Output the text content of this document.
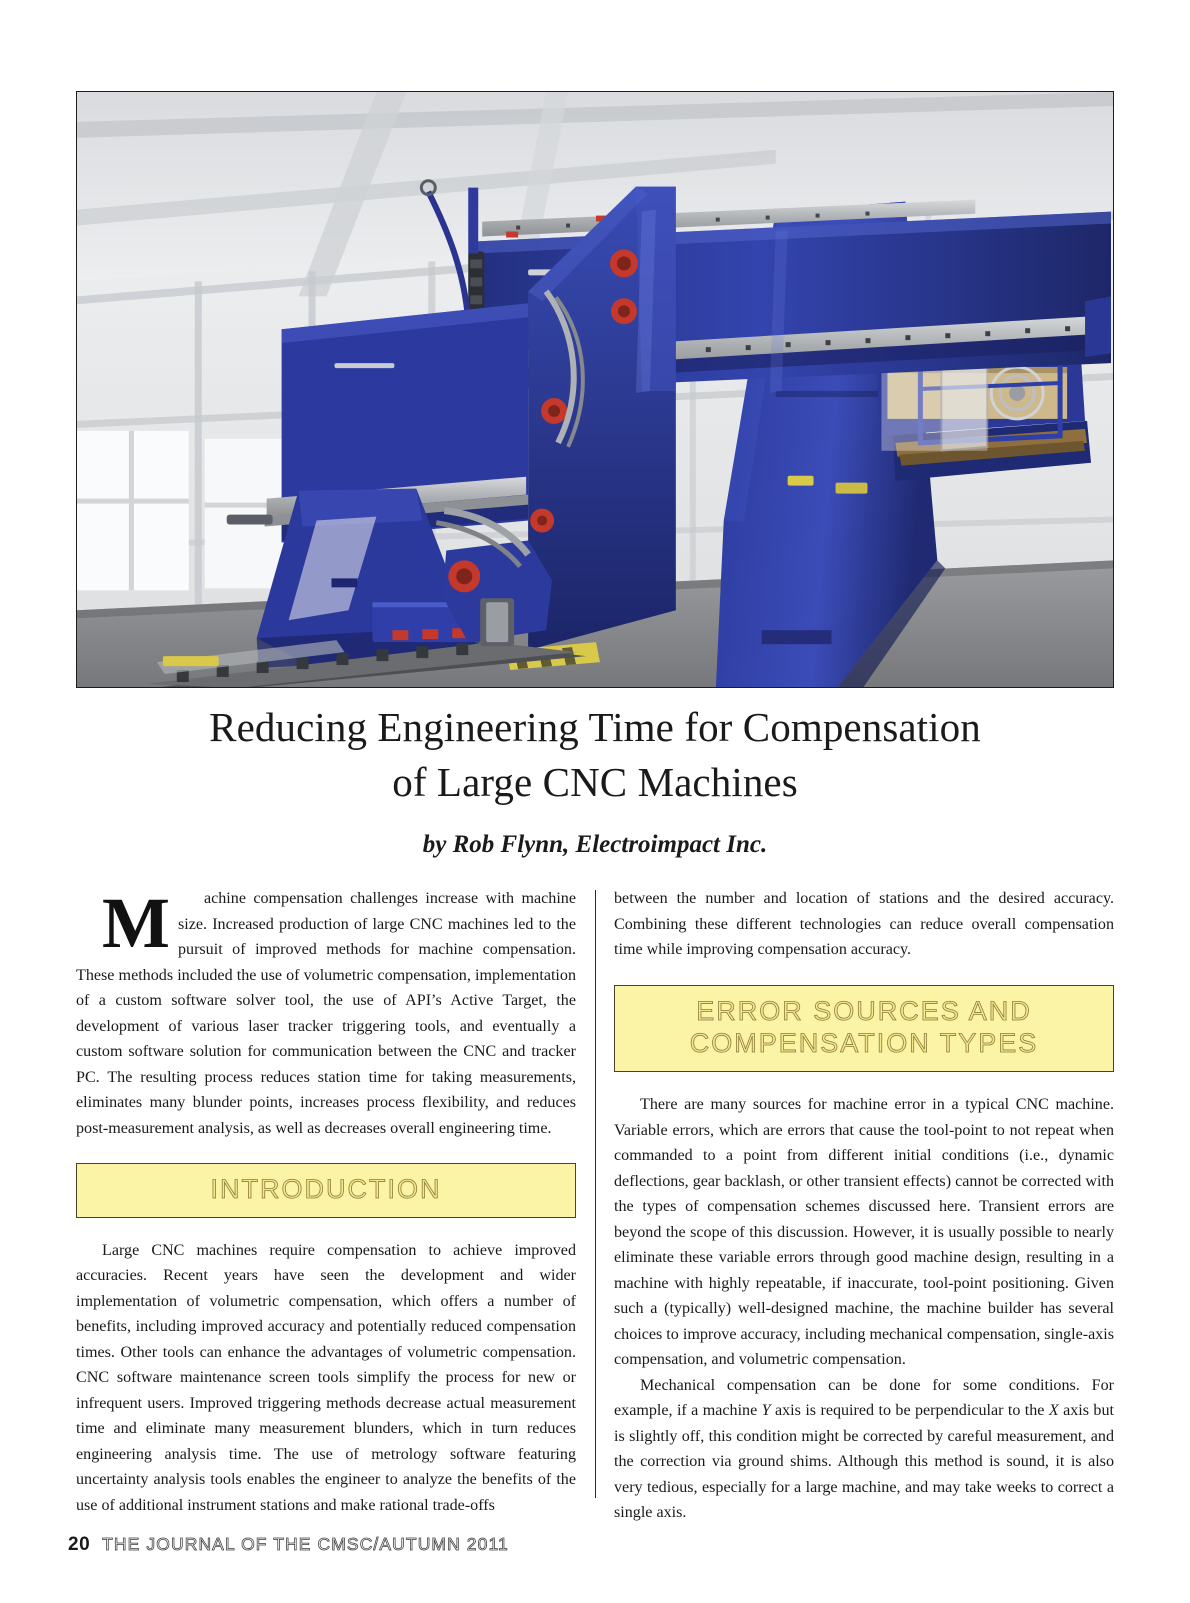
Reducing Engineering Time for Compensation
of Large CNC Machines
by Rob Flynn, Electroimpact Inc.

M	achine compensation challenges increase with machine size. Increased production of large CNC machines led to the pursuit of improved methods for machine compensation. These methods included the use of volumetric compensation, implementation of a custom software solver tool, the use of API’s Active Target, the development of various laser tracker triggering tools, and eventually a custom software solution for communication between the CNC and tracker PC. The resulting process reduces station time for taking measurements, eliminates many blunder points, increases process flexibility, and reduces post-measurement analysis, as well as decreases overall engineering time.

INTRODUCTION

Large CNC machines require compensation to achieve improved accuracies. Recent years have seen the development and wider implementation of volumetric compensation, which offers a number of benefits, including improved accuracy and potentially reduced compensation times. Other tools can enhance the advantages of volumetric compensation. CNC software maintenance screen tools simplify the process for new or infrequent users. Improved triggering methods decrease actual measurement time and eliminate many measurement blunders, which in turn reduces engineering analysis time. The use of metrology software featuring uncertainty analysis tools enables the engineer to analyze the benefits of the use of additional instrument stations and make rational trade-offs

between the number and location of stations and the desired accuracy. Combining these different technologies can reduce overall compensation time while improving compensation accuracy.

ERROR SOURCES AND
COMPENSATION TYPES

There are many sources for machine error in a typical CNC machine. Variable errors, which are errors that cause the tool-point to not repeat when commanded to a point from different initial conditions (i.e., dynamic deflections, gear backlash, or other transient effects) cannot be corrected with the types of compensation schemes discussed here. Transient errors are beyond the scope of this discussion. However, it is usually possible to nearly eliminate these variable errors through good machine design, resulting in a machine with highly repeatable, if inaccurate, tool-point positioning. Given such a (typically) well-designed machine, the machine builder has several choices to improve accuracy, including mechanical compensation, single-axis compensation, and volumetric compensation.

Mechanical compensation can be done for some conditions. For example, if a machine Y axis is required to be perpendicular to the X axis but is slightly off, this condition might be corrected by careful measurement, and the correction via ground shims. Although this method is sound, it is also very tedious, especially for a large machine, and may take weeks to correct a single axis.

20 THE JOURNAL OF THE CMSC/AUTUMN 2011
